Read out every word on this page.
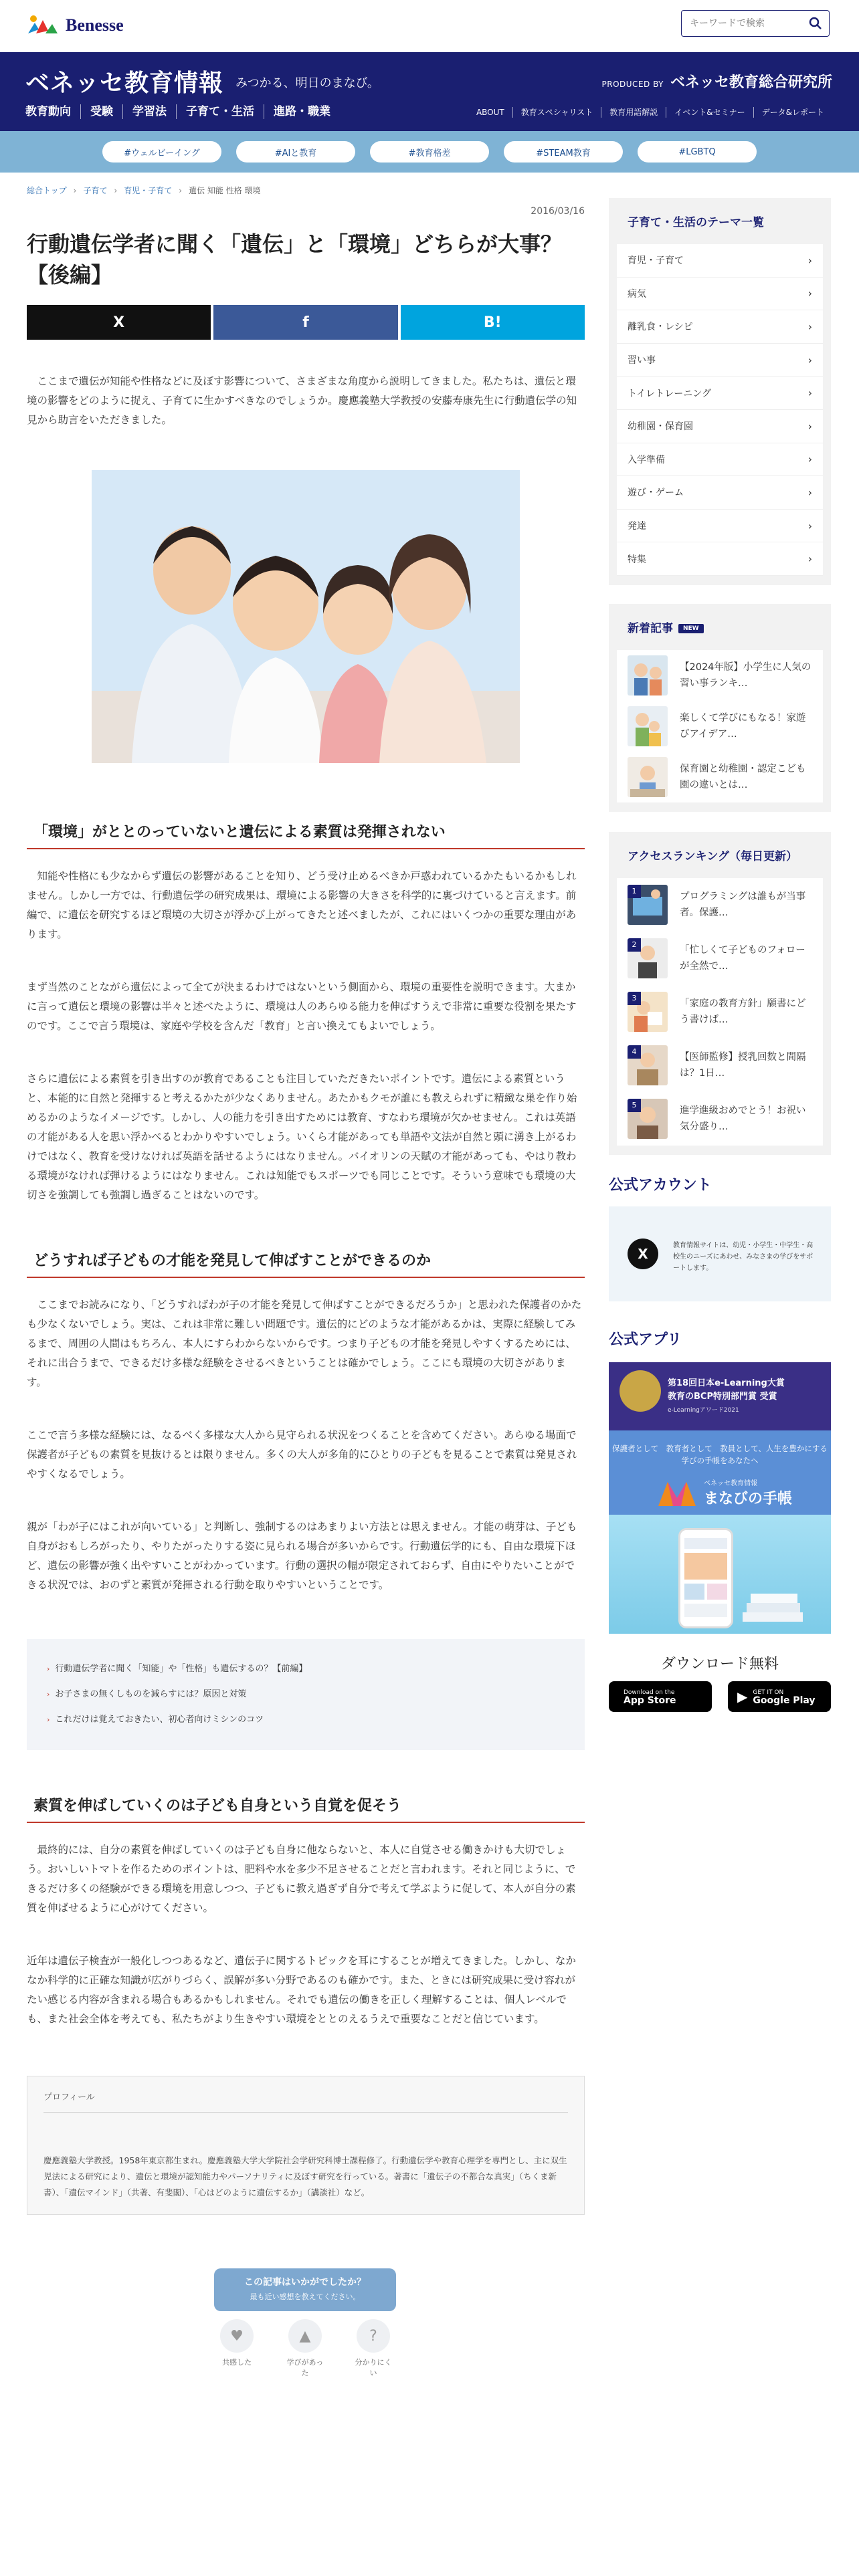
Benesse
キーワードで検索
ベネッセ教育情報 みつかる、明日のまなび。	PRODUCED BY ベネッセ教育総合研究所
教育動向	受験	学習法	子育て・生活	進路・職業	ABOUT	教育スペシャリスト	教育用語解説	イベント&セミナー	データ&レポート
#ウェルビーイング	#AIと教育	#教育格差	#STEAM教育	#LGBTQ
総合トップ › 子育て › 育児・子育て › 遺伝 知能 性格 環境
2016/03/16
行動遺伝学者に聞く「遺伝」と「環境」どちらが大事？【後編】
X	f	B!

　ここまで遺伝が知能や性格などに及ぼす影響について、さまざまな角度から説明してきました。私たちは、遺伝と環境の影響をどのように捉え、子育てに生かすべきなのでしょうか。慶應義塾大学教授の安藤寿康先生に行動遺伝学の知見から助言をいただきました。

「環境」がととのっていないと遺伝による素質は発揮されない

　知能や性格にも少なからず遺伝の影響があることを知り、どう受け止めるべきか戸惑われているかたもいるかもしれません。しかし一方では、行動遺伝学の研究成果は、環境による影響の大きさを科学的に裏づけていると言えます。前編で、に遺伝を研究するほど環境の大切さが浮かび上がってきたと述べましたが、これにはいくつかの重要な理由があります。

まず当然のことながら遺伝によって全てが決まるわけではないという側面から、環境の重要性を説明できます。大まかに言って遺伝と環境の影響は半々と述べたように、環境は人のあらゆる能力を伸ばすうえで非常に重要な役割を果たすのです。ここで言う環境は、家庭や学校を含んだ「教育」と言い換えてもよいでしょう。

さらに遺伝による素質を引き出すのが教育であることも注目していただきたいポイントです。遺伝による素質というと、本能的に自然と発揮すると考えるかたが少なくありません。あたかもクモが誰にも教えられずに精緻な巣を作り始めるかのようなイメージです。しかし、人の能力を引き出すためには教育、すなわち環境が欠かせません。これは英語の才能がある人を思い浮かべるとわかりやすいでしょう。いくら才能があっても単語や文法が自然と頭に湧き上がるわけではなく、教育を受けなければ英語を話せるようにはなりません。バイオリンの天賦の才能があっても、やはり教わる環境がなければ弾けるようにはなりません。これは知能でもスポーツでも同じことです。そういう意味でも環境の大切さを強調しても強調し過ぎることはないのです。

どうすれば子どもの才能を発見して伸ばすことができるのか

　ここまでお読みになり、「どうすればわが子の才能を発見して伸ばすことができるだろうか」と思われた保護者のかたも少なくないでしょう。実は、これは非常に難しい問題です。遺伝的にどのような才能があるかは、実際に経験してみるまで、周囲の人間はもちろん、本人にすらわからないからです。つまり子どもの才能を発見しやすくするためには、それに出合うまで、できるだけ多様な経験をさせるべきということは確かでしょう。ここにも環境の大切さがあります。

ここで言う多様な経験には、なるべく多様な大人から見守られる状況をつくることを含めてください。あらゆる場面で保護者が子どもの素質を見抜けるとは限りません。多くの大人が多角的にひとりの子どもを見ることで素質は発見されやすくなるでしょう。

親が「わが子にはこれが向いている」と判断し、強制するのはあまりよい方法とは思えません。才能の萌芽は、子ども自身がおもしろがったり、やりたがったりする姿に見られる場合が多いからです。行動遺伝学的にも、自由な環境下ほど、遺伝の影響が強く出やすいことがわかっています。行動の選択の幅が限定されておらず、自由にやりたいことができる状況では、おのずと素質が発揮される行動を取りやすいということです。

› 行動遺伝学者に聞く「知能」や「性格」も遺伝するの？【前編】
› お子さまの無くしものを減らすには？原因と対策
› これだけは覚えておきたい、初心者向けミシンのコツ
素質を伸ばしていくのは子ども自身という自覚を促そう

　最終的には、自分の素質を伸ばしていくのは子ども自身に他ならないと、本人に自覚させる働きかけも大切でしょう。おいしいトマトを作るためのポイントは、肥料や水を多少不足させることだと言われます。それと同じように、できるだけ多くの経験ができる環境を用意しつつ、子どもに教え過ぎず自分で考えて学ぶように促して、本人が自分の素質を伸ばせるように心がけてください。

近年は遺伝子検査が一般化しつつあるなど、遺伝子に関するトピックを耳にすることが増えてきました。しかし、なかなか科学的に正確な知識が広がりづらく、誤解が多い分野であるのも確かです。また、ときには研究成果に受け容れがたい感じる内容が含まれる場合もあるかもしれません。それでも遺伝の働きを正しく理解することは、個人レベルでも、また社会全体を考えても、私たちがより生きやすい環境をととのえるうえで重要なことだと信じています。

プロフィール
慶應義塾大学教授。1958年東京都生まれ。慶應義塾大学大学院社会学研究科博士課程修了。行動遺伝学や教育心理学を専門とし、主に双生児法による研究により、遺伝と環境が認知能力やパーソナリティに及ぼす研究を行っている。著書に「遺伝子の不都合な真実」（ちくま新書）、「遺伝マインド」（共著、有斐閣）、「心はどのように遺伝するか」（講談社）など。
この記事はいかがでしたか？
最も近い感想を教えてください。
♥
共感した
▲
学びがあった
?
分かりにくい
子育て・生活のテーマ一覧
育児・子育て	›
病気	›
離乳食・レシピ	›
習い事	›
トイレトレーニング	›
幼稚園・保育園	›
入学準備	›
遊び・ゲーム	›
発達	›
特集	›
新着記事 NEW
【2024年版】小学生に人気の習い事ランキ…
楽しくて学びにもなる！家遊びアイデア…
保育園と幼稚園・認定こども園の違いとは…
アクセスランキング（毎日更新）
1	プログラミングは誰もが当事者。保護…
2	「忙しくて子どものフォローが全然で…
3	「家庭の教育方針」願書にどう書けば…
4	【医師監修】授乳回数と間隔は？1日…
5	進学進級おめでとう！お祝い気分盛り…
公式アカウント
X
教育情報サイトは、幼児・小学生・中学生・高校生のニーズにあわせ、みなさまの学びをサポートします。
公式アプリ
第18回日本e-Learning大賞
教育のBCP特別部門賞 受賞
e-Learningアワード2021
保護者として　教育者として　教員として、人生を豊かにする学びの手帳をあなたへ
ベネッセ教育情報
まなびの手帳
ダウンロード無料
Download on the
App Store	▶ GET IT ON
Google Play
